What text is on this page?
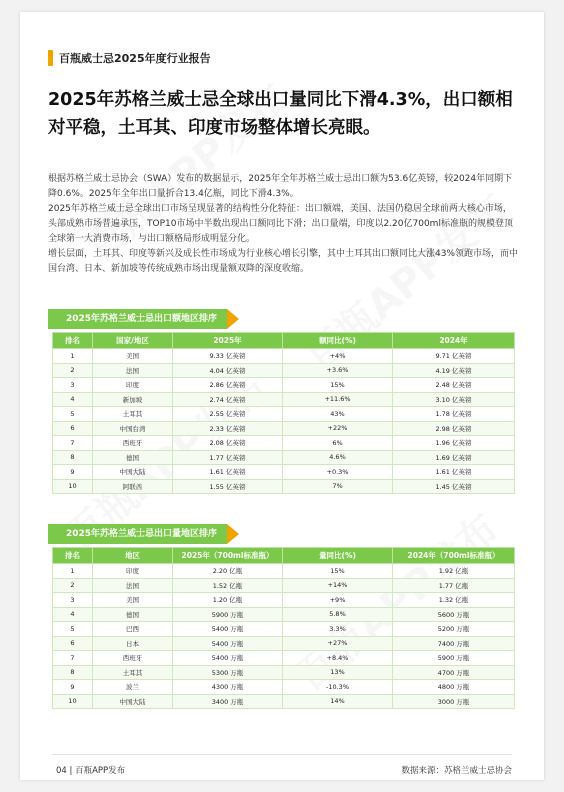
百瓶威士忌2025年度行业报告
2025年苏格兰威士忌全球出口量同比下滑4.3%，出口额相对平稳，土耳其、印度市场整体增长亮眼。

根据苏格兰威士忌协会（SWA）发布的数据显示，2025年全年苏格兰威士忌出口额为53.6亿英镑，较2024年同期下降0.6%。2025年全年出口量折合13.4亿瓶，同比下滑4.3%。

2025年苏格兰威士忌全球出口市场呈现显著的结构性分化特征：出口额端，美国、法国仍稳居全球前两大核心市场，头部成熟市场普遍承压，TOP10市场中半数出现出口额同比下滑；出口量端，印度以2.20亿700ml标准瓶的规模登顶全球第一大消费市场，与出口额格局形成明显分化。

增长层面，土耳其、印度等新兴及成长性市场成为行业核心增长引擎，其中土耳其出口额同比大涨43%领跑市场，而中国台湾、日本、新加坡等传统成熟市场出现量额双降的深度收缩。

2025年苏格兰威士忌出口额地区排序
排名	国家/地区	2025年	额同比(%)	2024年
1	美国	9.33 亿英镑	+4%	9.71 亿英镑
2	法国	4.04 亿英镑	+3.6%	4.19 亿英镑
3	印度	2.86 亿英镑	15%	2.48 亿英镑
4	新加坡	2.74 亿英镑	+11.6%	3.10 亿英镑
5	土耳其	2.55 亿英镑	43%	1.78 亿英镑
6	中国台湾	2.33 亿英镑	+22%	2.98 亿英镑
7	西班牙	2.08 亿英镑	6%	1.96 亿英镑
8	德国	1.77 亿英镑	4.6%	1.69 亿英镑
9	中国大陆	1.61 亿英镑	+0.3%	1.61 亿英镑
10	阿联酋	1.55 亿英镑	7%	1.45 亿英镑
2025年苏格兰威士忌出口量地区排序
排名	地区	2025年（700ml标准瓶）	量同比(%)	2024年（700ml标准瓶）
1	印度	2.20 亿瓶	15%	1.92 亿瓶
2	法国	1.52 亿瓶	+14%	1.77 亿瓶
3	美国	1.20 亿瓶	+9%	1.32 亿瓶
4	德国	5900 万瓶	5.8%	5600 万瓶
5	巴西	5400 万瓶	3.3%	5200 万瓶
6	日本	5400 万瓶	+27%	7400 万瓶
7	西班牙	5400 万瓶	+8.4%	5900 万瓶
8	土耳其	5300 万瓶	13%	4700 万瓶
9	波兰	4300 万瓶	-10.3%	4800 万瓶
10	中国大陆	3400 万瓶	14%	3000 万瓶
04 | 百瓶APP发布	数据来源：苏格兰威士忌协会
